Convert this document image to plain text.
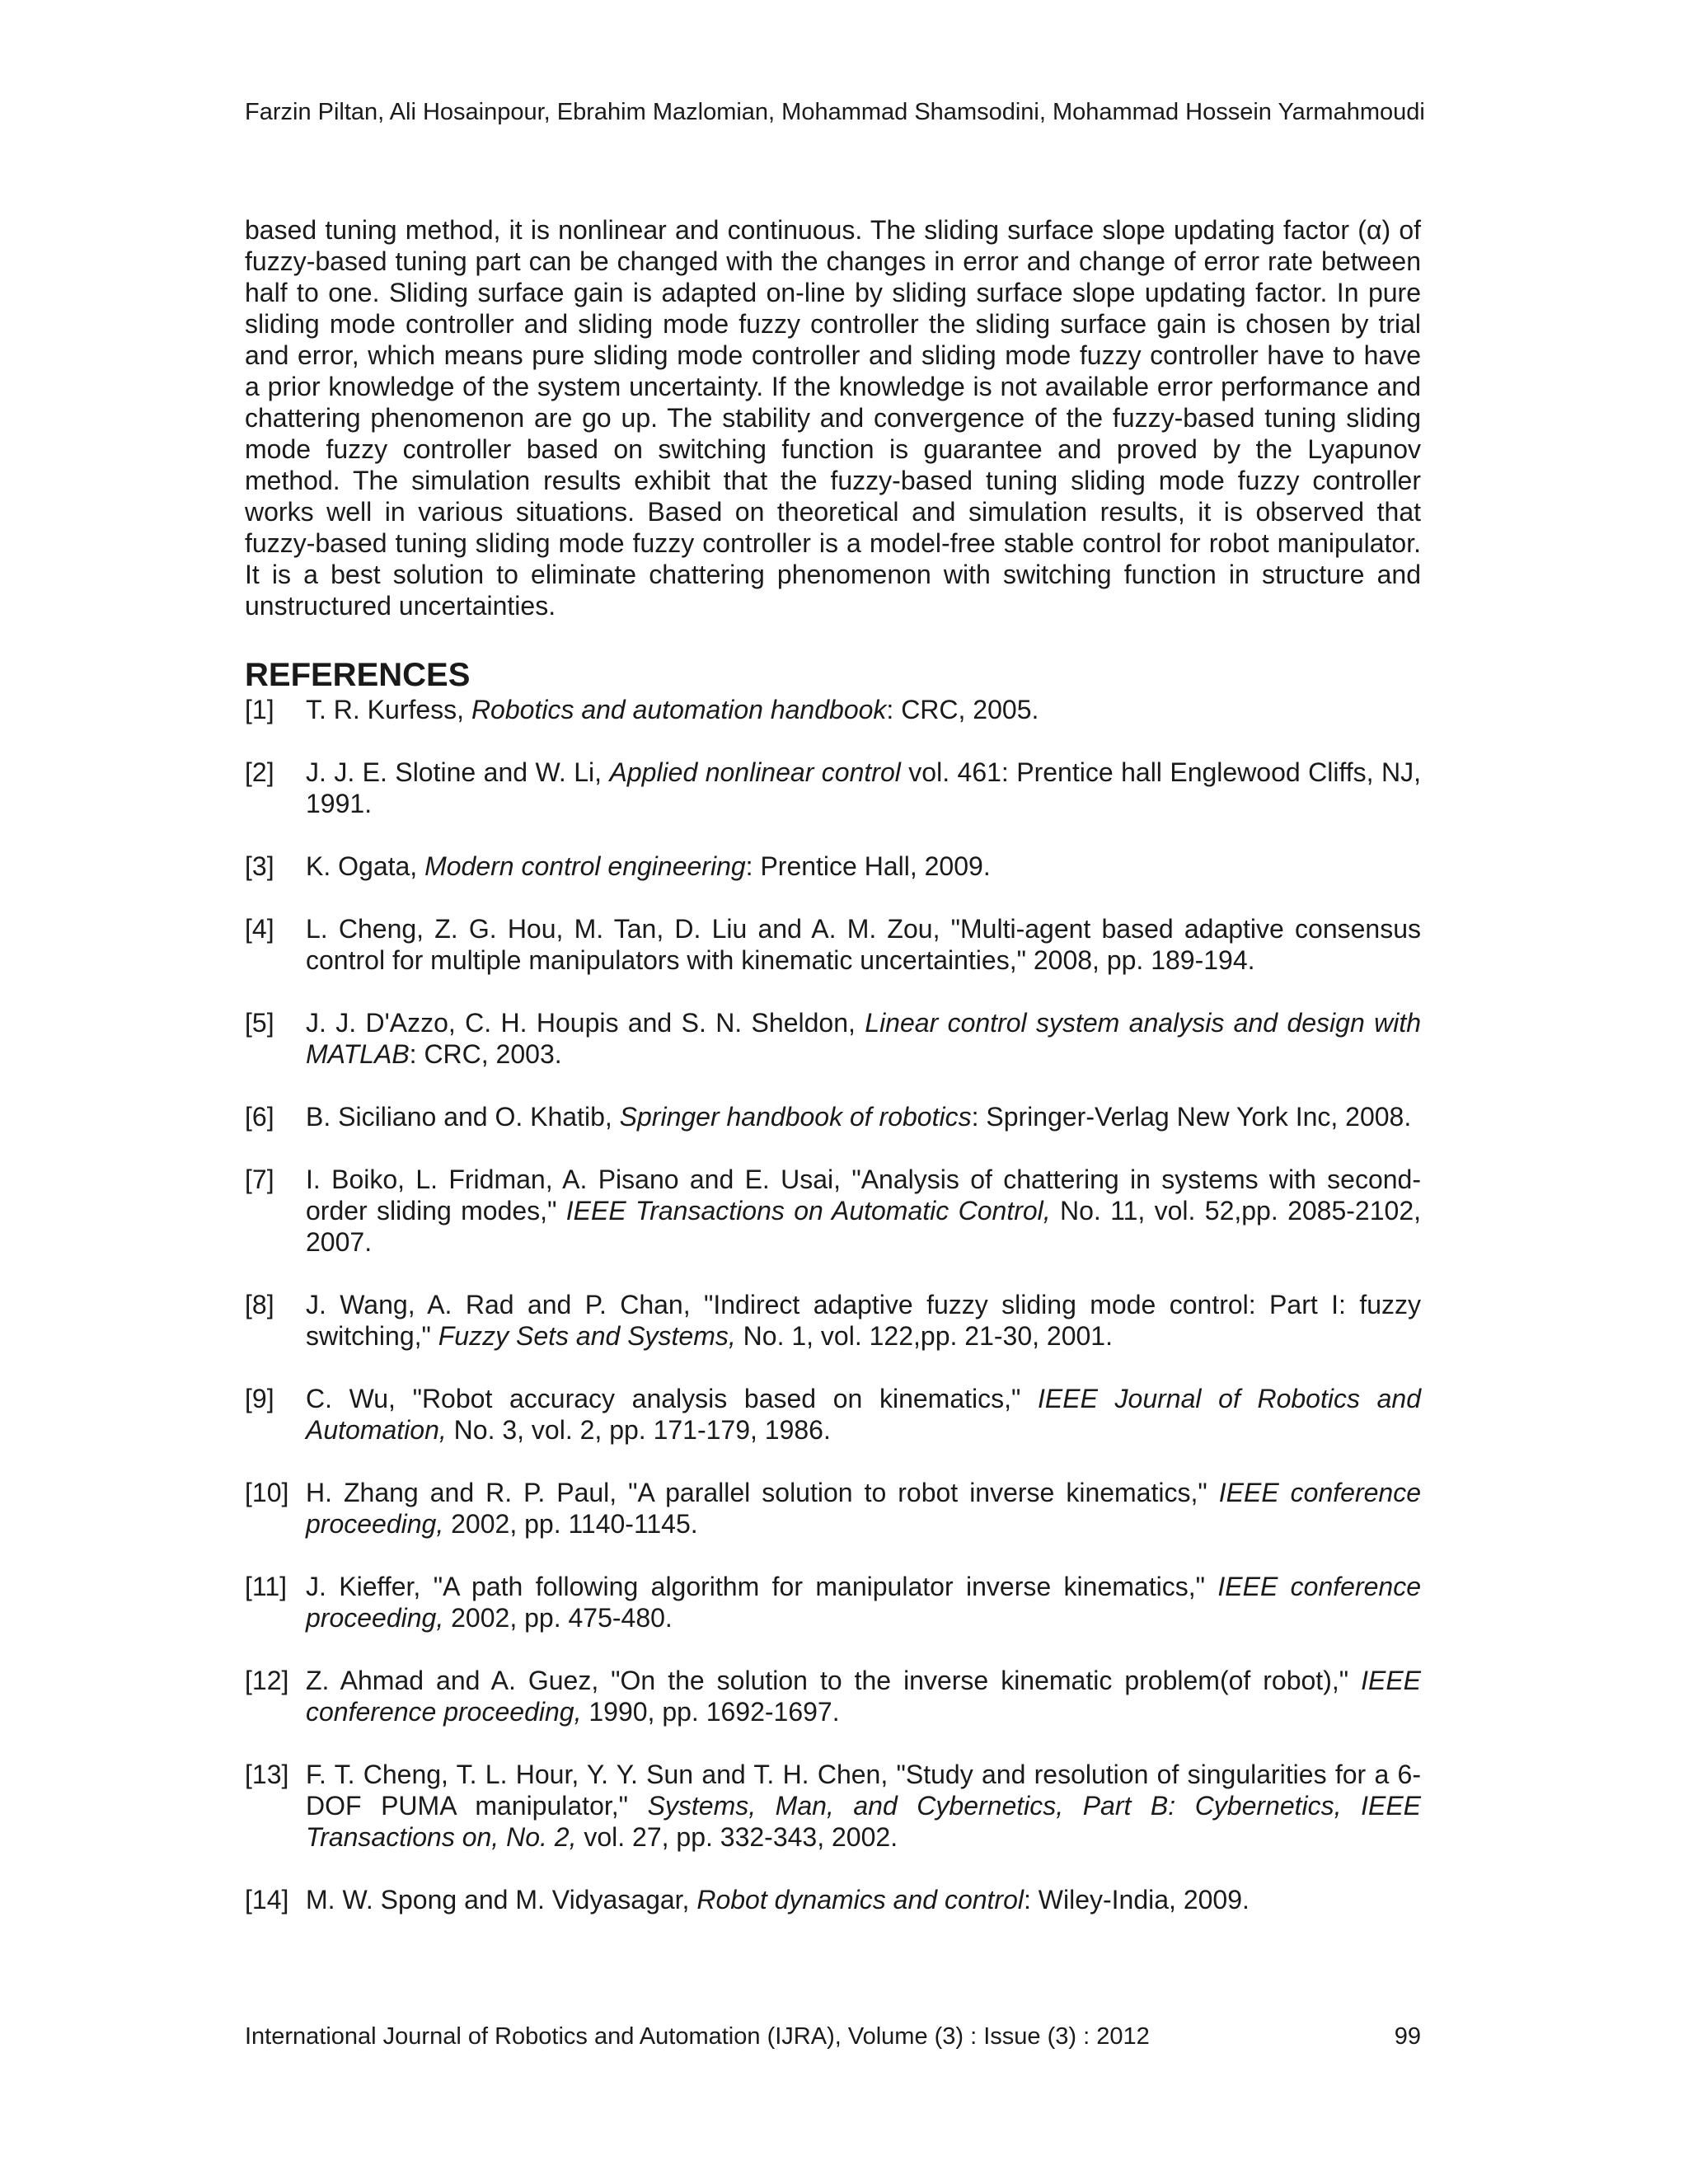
Farzin Piltan, Ali Hosainpour, Ebrahim Mazlomian, Mohammad Shamsodini, Mohammad Hossein Yarmahmoudi

based tuning method, it is nonlinear and continuous. The sliding surface slope updating factor (α) of fuzzy-based tuning part can be changed with the changes in error and change of error rate between half to one. Sliding surface gain is adapted on-line by sliding surface slope updating factor. In pure sliding mode controller and sliding mode fuzzy controller the sliding surface gain is chosen by trial and error, which means pure sliding mode controller and sliding mode fuzzy controller have to have a prior knowledge of the system uncertainty. If the knowledge is not available error performance and chattering phenomenon are go up. The stability and convergence of the fuzzy-based tuning sliding mode fuzzy controller based on switching function is guarantee and proved by the Lyapunov method. The simulation results exhibit that the fuzzy-based tuning sliding mode fuzzy controller works well in various situations. Based on theoretical and simulation results, it is observed that fuzzy-based tuning sliding mode fuzzy controller is a model-free stable control for robot manipulator. It is a best solution to eliminate chattering phenomenon with switching function in structure and unstructured uncertainties.

REFERENCES
[1]	T. R. Kurfess, Robotics and automation handbook: CRC, 2005.
[2]	J. J. E. Slotine and W. Li, Applied nonlinear control vol. 461: Prentice hall Englewood Cliffs, NJ, 1991.
[3]	K. Ogata, Modern control engineering: Prentice Hall, 2009.
[4]	L. Cheng, Z. G. Hou, M. Tan, D. Liu and A. M. Zou, "Multi-agent based adaptive consensus control for multiple manipulators with kinematic uncertainties," 2008, pp. 189-194.
[5]	J. J. D'Azzo, C. H. Houpis and S. N. Sheldon, Linear control system analysis and design with MATLAB: CRC, 2003.
[6]	B. Siciliano and O. Khatib, Springer handbook of robotics: Springer-Verlag New York Inc, 2008.
[7]	I. Boiko, L. Fridman, A. Pisano and E. Usai, "Analysis of chattering in systems with second-order sliding modes," IEEE Transactions on Automatic Control, No. 11, vol. 52,pp. 2085-2102, 2007.
[8]	J. Wang, A. Rad and P. Chan, "Indirect adaptive fuzzy sliding mode control: Part I: fuzzy switching," Fuzzy Sets and Systems, No. 1, vol. 122,pp. 21-30, 2001.
[9]	C. Wu, "Robot accuracy analysis based on kinematics," IEEE Journal of Robotics and Automation, No. 3, vol. 2, pp. 171-179, 1986.
[10] H. Zhang and R. P. Paul, "A parallel solution to robot inverse kinematics," IEEE conference proceeding, 2002, pp. 1140-1145.
[11] J. Kieffer, "A path following algorithm for manipulator inverse kinematics," IEEE conference proceeding, 2002, pp. 475-480.
[12] Z. Ahmad and A. Guez, "On the solution to the inverse kinematic problem(of robot)," IEEE conference proceeding, 1990, pp. 1692-1697.
[13] F. T. Cheng, T. L. Hour, Y. Y. Sun and T. H. Chen, "Study and resolution of singularities for a 6-DOF PUMA manipulator," Systems, Man, and Cybernetics, Part B: Cybernetics, IEEE Transactions on, No. 2, vol. 27, pp. 332-343, 2002.
[14] M. W. Spong and M. Vidyasagar, Robot dynamics and control: Wiley-India, 2009.
International Journal of Robotics and Automation (IJRA), Volume (3) : Issue (3) : 2012	99
